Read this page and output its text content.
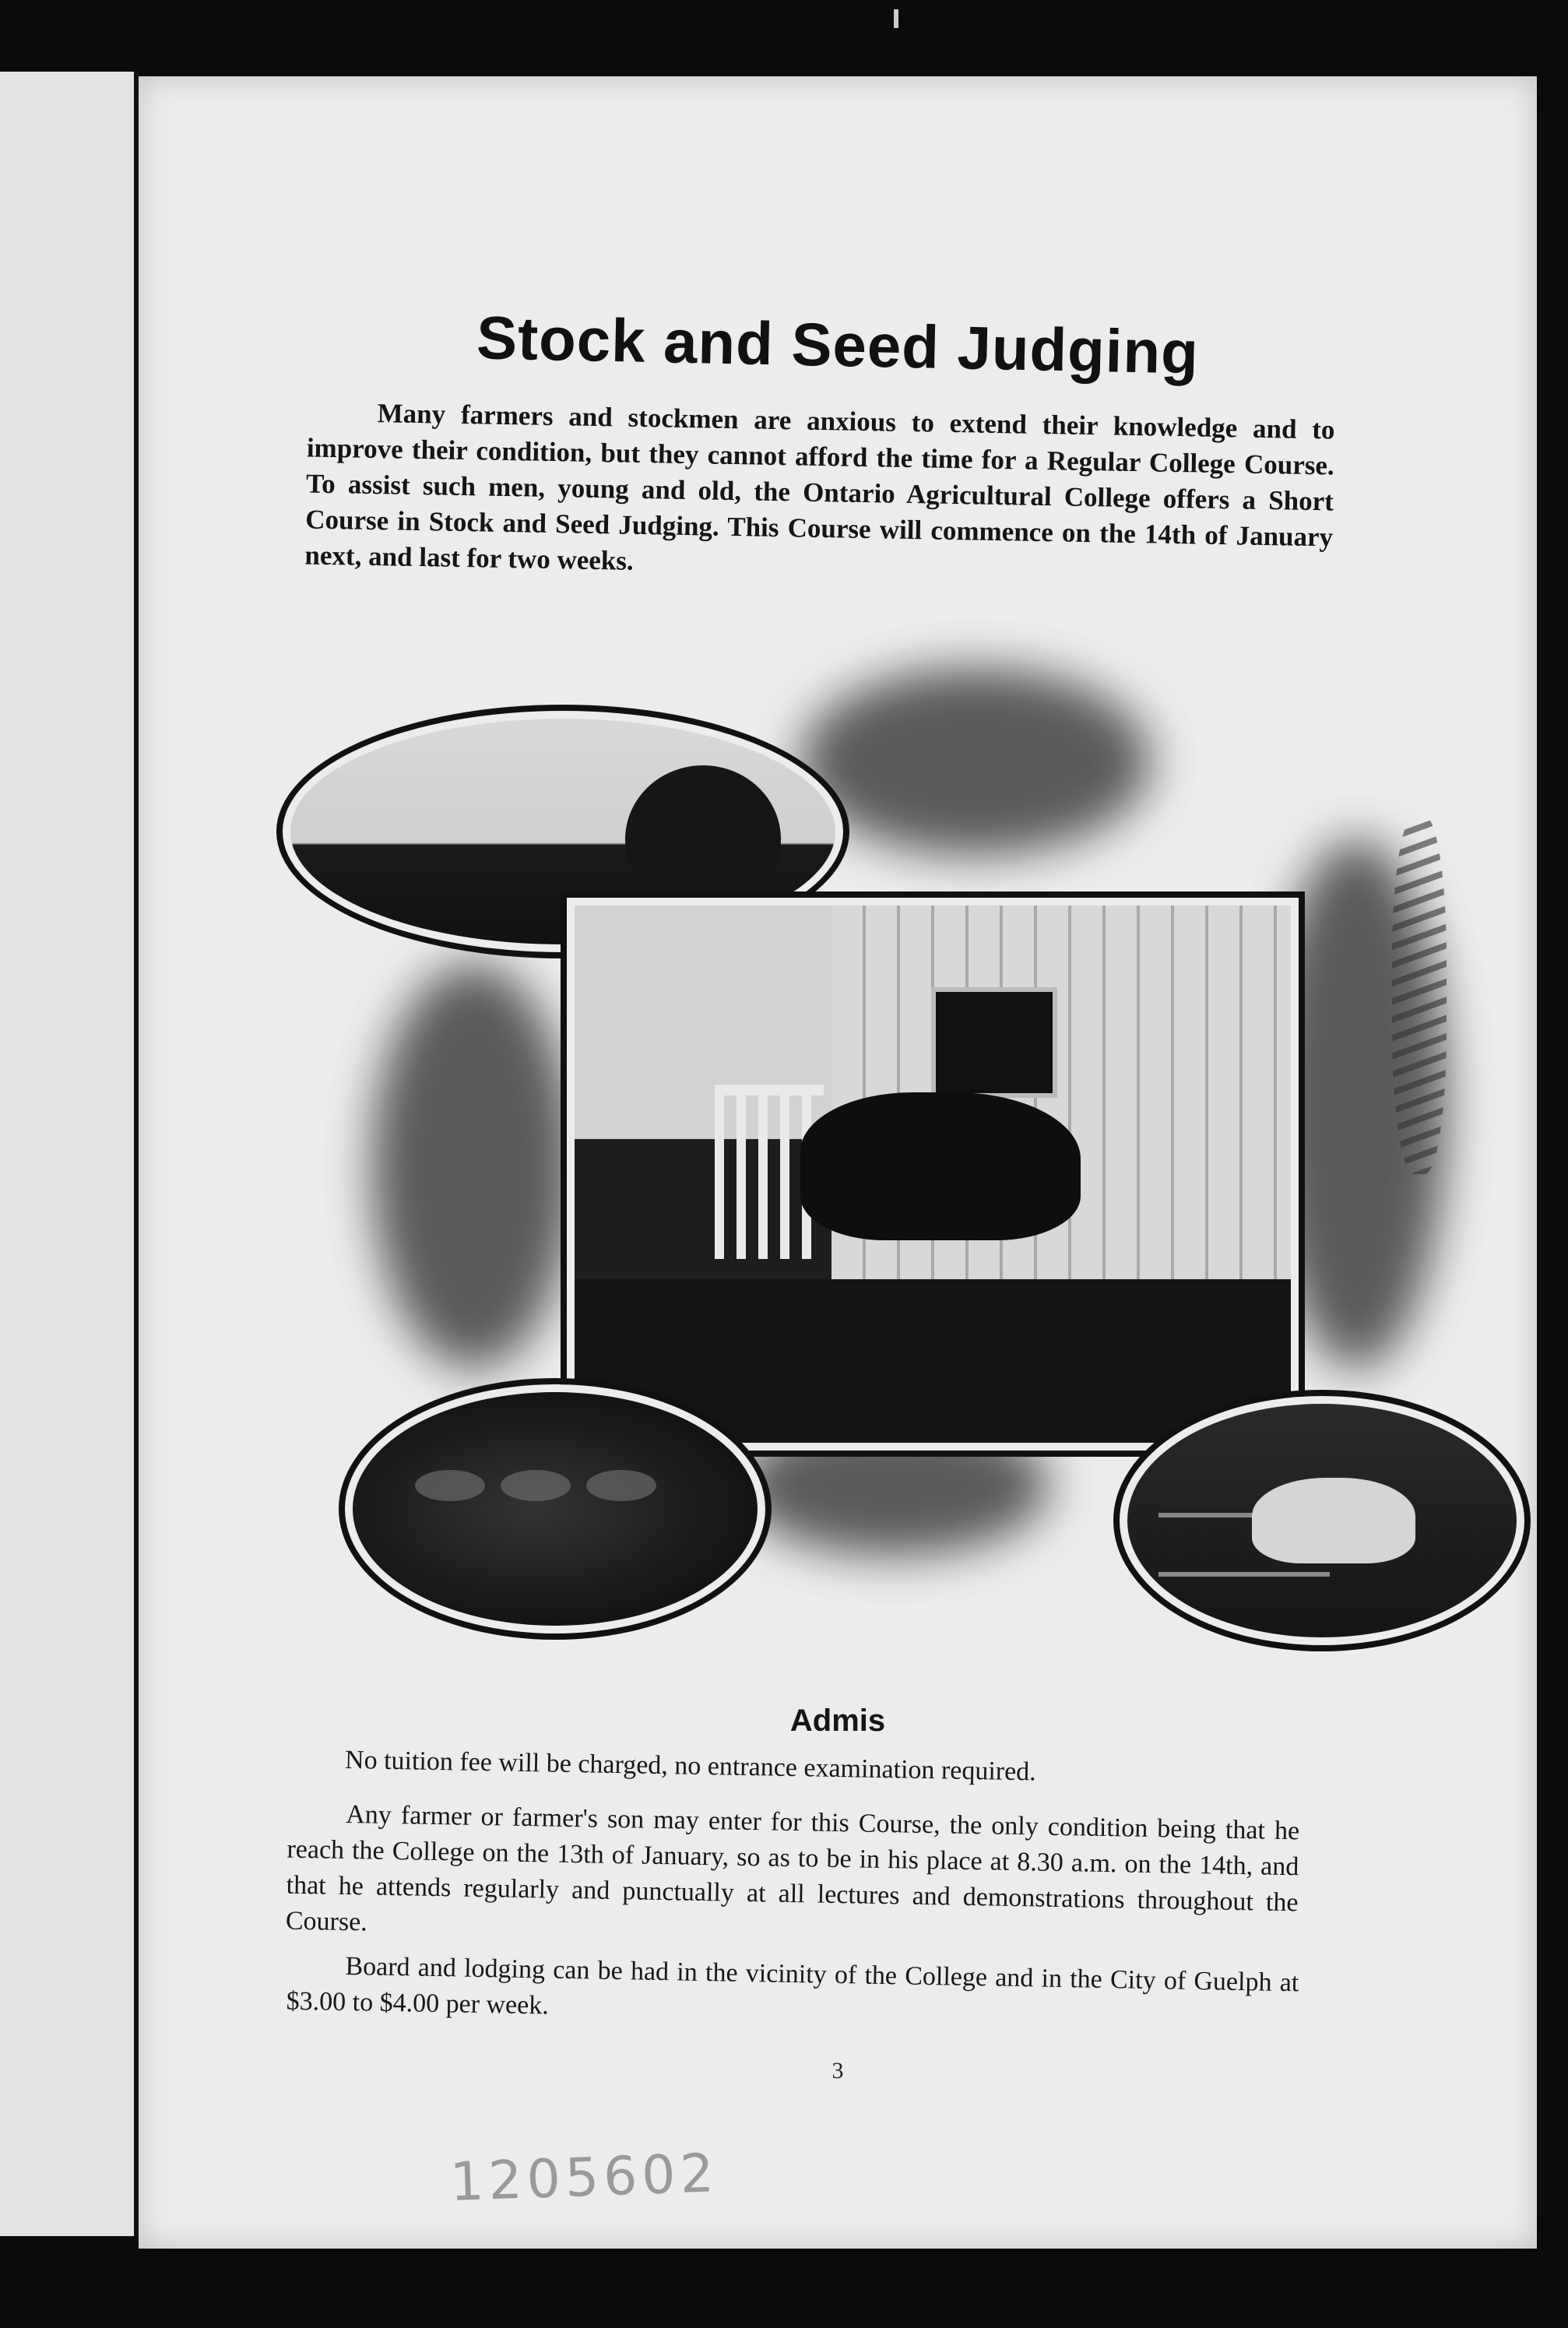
Stock and Seed Judging
Many farmers and stockmen are anxious to extend their knowledge and to improve their condition, but they cannot afford the time for a Regular College Course. To assist such men, young and old, the Ontario Agricultural College offers a Short Course in Stock and Seed Judging. This Course will commence on the 14th of January next, and last for two weeks.
Admis
No tuition fee will be charged, no entrance examination required.
Any farmer or farmer's son may enter for this Course, the only condition being that he reach the College on the 13th of January, so as to be in his place at 8.30 a.m. on the 14th, and that he attends regularly and punctually at all lectures and demonstrations throughout the Course.
Board and lodging can be had in the vicinity of the College and in the City of Guelph at $3.00 to $4.00 per week.
3
1205602
